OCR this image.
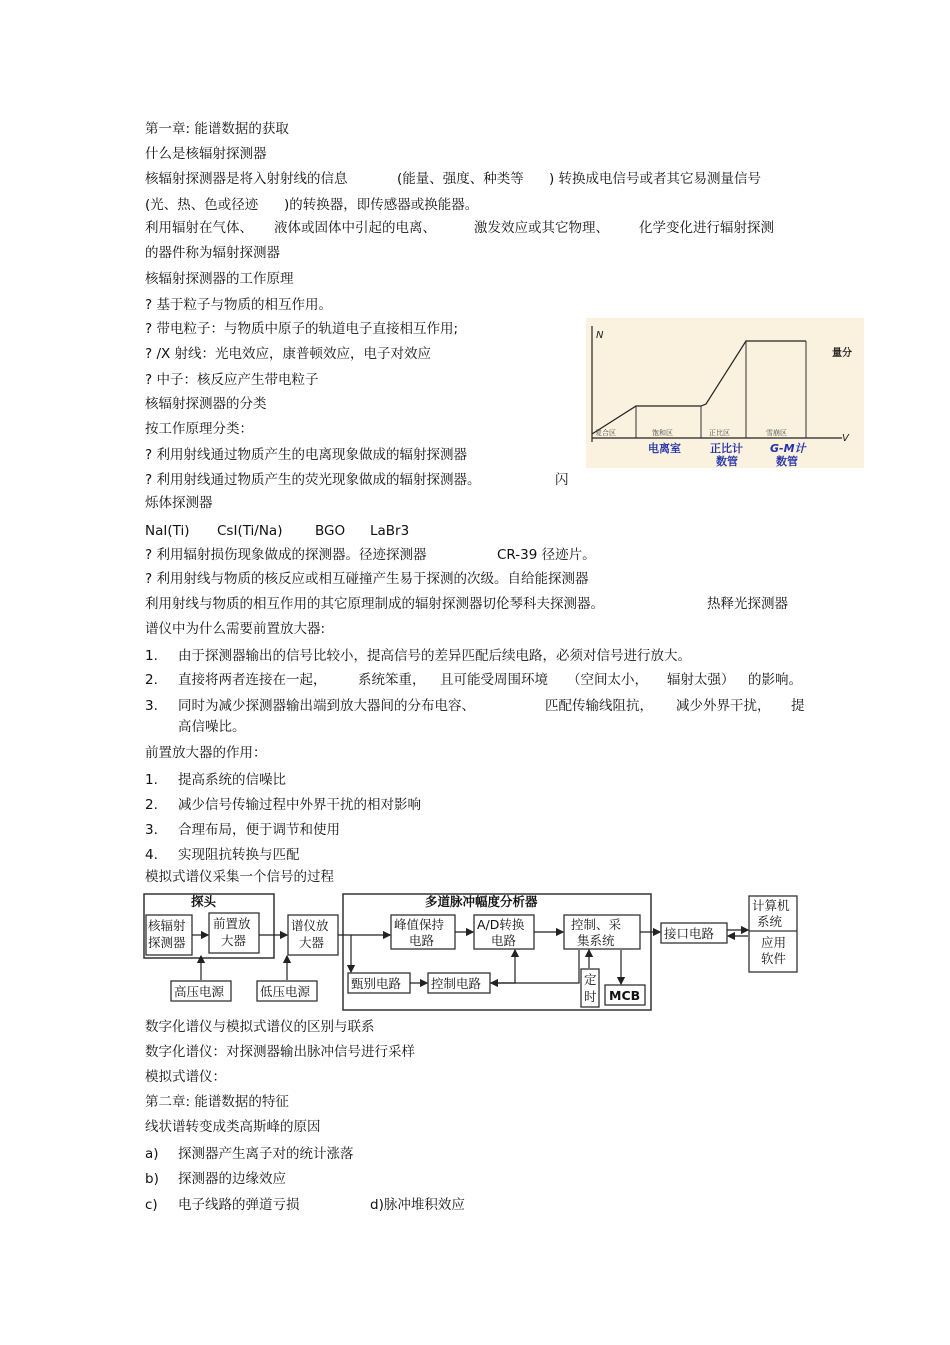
第一章: 能谱数据的获取
什么是核辐射探测器
核辐射探测器是将入射射线的信息	(能量、强度、种类等 ) 转换成电信号或者其它易测量信号
(光、热、色或径迹 )的转换器，即传感器或换能器。
利用辐射在气体、 液体或固体中引起的电离、	激发效应或其它物理、 化学变化进行辐射探测
的器件称为辐射探测器
核辐射探测器的工作原理
? 基于粒子与物质的相互作用。
? 带电粒子：与物质中原子的轨道电子直接相互作用;
? /X 射线：光电效应，康普顿效应，电子对效应
? 中子：核反应产生带电粒子
核辐射探测器的分类
按工作原理分类：
? 利用射线通过物质产生的电离现象做成的辐射探测器
? 利用射线通过物质产生的荧光现象做成的辐射探测器。	闪
烁体探测器
NaI(Ti) CsI(Ti/Na) BGO LaBr3
? 利用辐射损伤现象做成的探测器。径迹探测器	CR-39 径迹片。
? 利用射线与物质的核反应或相互碰撞产生易于探测的次级。自给能探测器
利用射线与物质的相互作用的其它原理制成的辐射探测器切伦琴科夫探测器。	热释光探测器
谱仪中为什么需要前置放大器:
1. 由于探测器输出的信号比较小，提高信号的差异匹配后续电路，必须对信号进行放大。
2. 直接将两者连接在一起， 系统笨重， 且可能受周围环境 （空间太小， 辐射太强） 的影响。
3. 同时为减少探测器输出端到放大器间的分布电容、	匹配传输线阻抗， 减少外界干扰， 提
高信噪比。
前置放大器的作用：
1. 提高系统的信噪比
2. 减少信号传输过程中外界干扰的相对影响
3. 合理布局，便于调节和使用
4. 实现阻抗转换与匹配
模拟式谱仪采集一个信号的过程
数字化谱仪与模拟式谱仪的区别与联系
数字化谱仪：对探测器输出脉冲信号进行采样
模拟式谱仪：
第二章: 能谱数据的特征
线状谱转变成类高斯峰的原因
a) 探测器产生离子对的统计涨落
b) 探测器的边缘效应
c) 电子线路的弹道亏损	d)脉冲堆积效应
N
V
复合区	饱和区	正比区	雪崩区
量分
电离室	正比计
数管
G-M计
数管
探头	多道脉冲幅度分析器
核辐射
探测器
前置放
大器
谱仪放
大器
高压电源	低压电源
峰值保持
电路
A/D转换
电路
控制、采
集系统
甄别电路 控制电路	定
时 MCB
接口电路
计算机
系统
应用
软件
